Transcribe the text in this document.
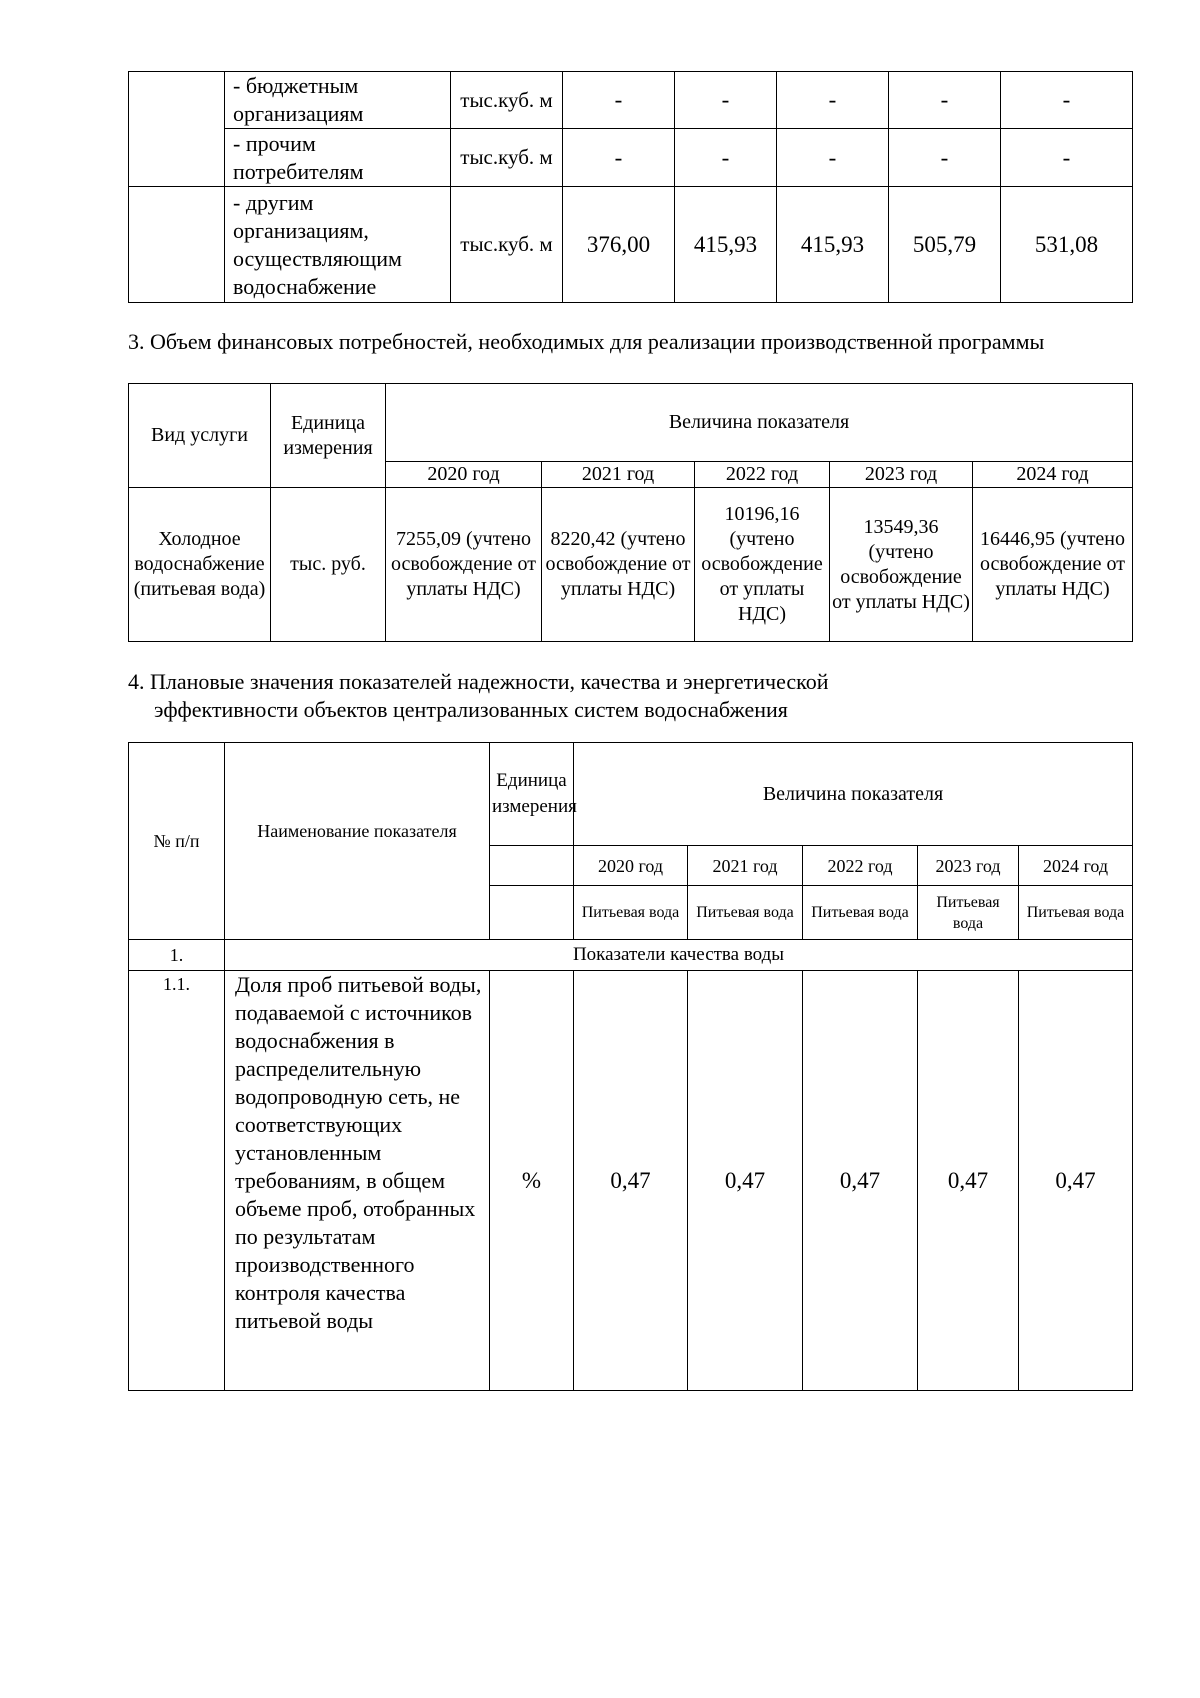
	- бюджетным организациям	тыс.куб. м	-	-	-	-	-
	- прочим потребителям	тыс.куб. м	-	-	-	-	-
	- другим организациям, осуществляющим водоснабжение	тыс.куб. м	376,00	415,93	415,93	505,79	531,08

3. Объем финансовых потребностей, необходимых для реализации производственной программы

Вид услуги	Единица измерения	Величина показателя				
		2020 год	2021 год	2022 год	2023 год	2024 год
Холодное водоснабжение (питьевая вода)	тыс. руб.	7255,09 (учтено освобождение от уплаты НДС)	8220,42 (учтено освобождение от уплаты НДС)	10196,16 (учтено освобождение от уплаты НДС)	13549,36 (учтено освобождение от уплаты НДС)	16446,95 (учтено освобождение от уплаты НДС)

4. Плановые значения показателей надежности, качества и энергетической
эффективности объектов централизованных систем водоснабжения

№ п/п	Наименование показателя	Единица измерения	Величина показателя				
			2020 год	2021 год	2022 год	2023 год	2024 год
			Питьевая вода	Питьевая вода	Питьевая вода	Питьевая вода	Питьевая вода
1.	Показатели качества воды						
1.1.	Доля проб питьевой воды, подаваемой с источников водоснабжения в распределительную водопроводную сеть, не соответствующих установленным требованиям, в общем объеме проб, отобранных по результатам производственного контроля качества питьевой воды	%	0,47	0,47	0,47	0,47	0,47
